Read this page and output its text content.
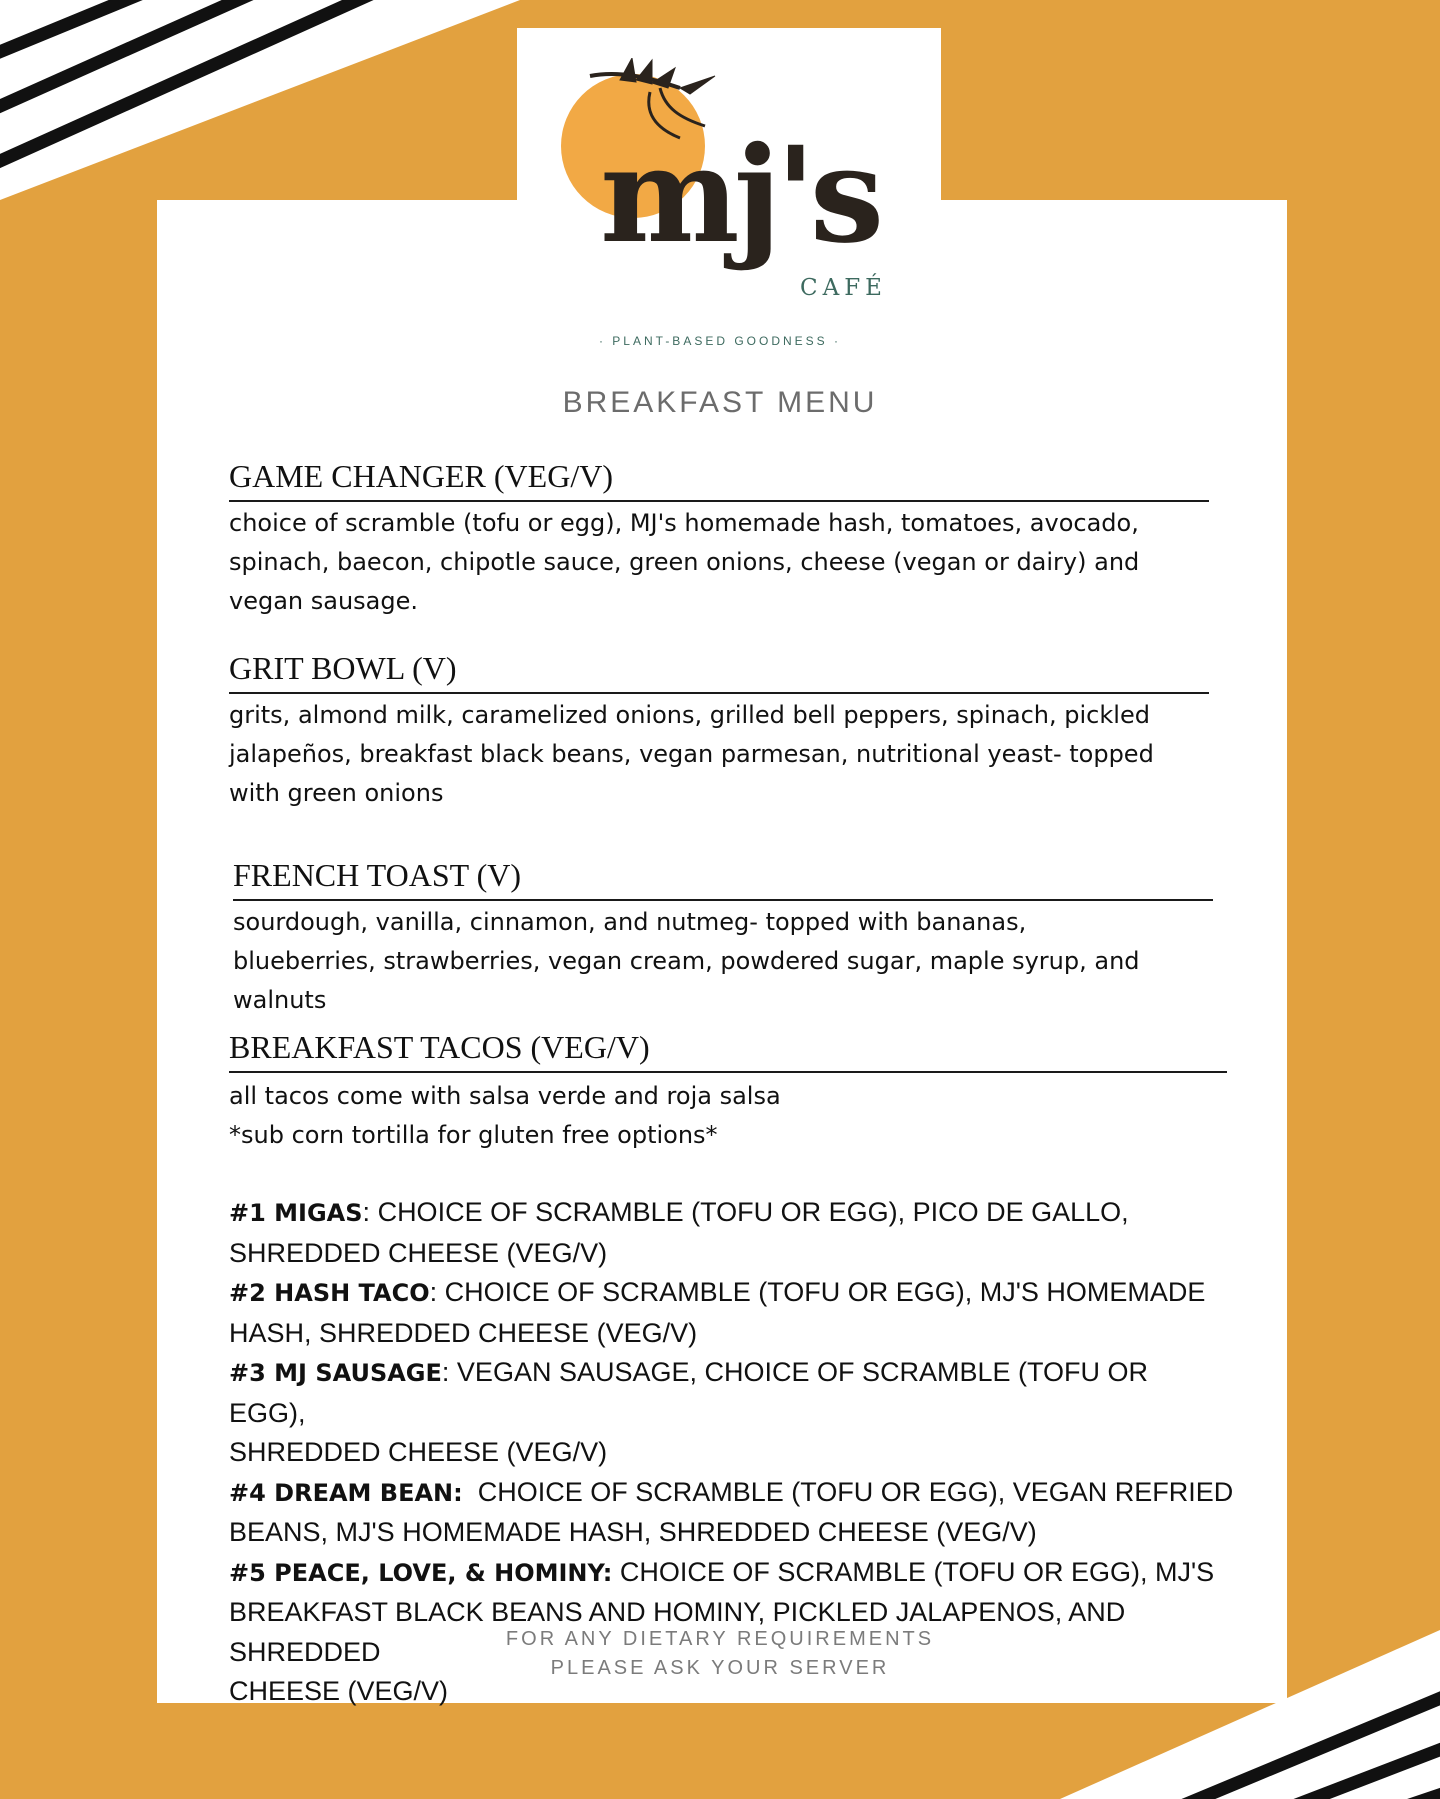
mj's
CAFÉ
· PLANT-BASED GOODNESS ·
BREAKFAST MENU
GAME CHANGER (VEG/V)

choice of scramble (tofu or egg), MJ's homemade hash, tomatoes, avocado,

spinach, baecon, chipotle sauce, green onions, cheese (vegan or dairy) and

vegan sausage.

GRIT BOWL (V)

grits, almond milk, caramelized onions, grilled bell peppers, spinach, pickled

jalapeños, breakfast black beans, vegan parmesan, nutritional yeast- topped

with green onions

FRENCH TOAST (V)

sourdough, vanilla, cinnamon, and nutmeg- topped with bananas,

blueberries, strawberries, vegan cream, powdered sugar, maple syrup, and

walnuts

BREAKFAST TACOS (VEG/V)

all tacos come with salsa verde and roja salsa

*sub corn tortilla for gluten free options*

#1 MIGAS: CHOICE OF SCRAMBLE (TOFU OR EGG), PICO DE GALLO,

SHREDDED CHEESE (VEG/V)

#2 HASH TACO: CHOICE OF SCRAMBLE (TOFU OR EGG), MJ'S HOMEMADE

HASH, SHREDDED CHEESE (VEG/V)

#3 MJ SAUSAGE: VEGAN SAUSAGE, CHOICE OF SCRAMBLE (TOFU OR EGG),

SHREDDED CHEESE (VEG/V)

#4 DREAM BEAN:  CHOICE OF SCRAMBLE (TOFU OR EGG), VEGAN REFRIED

BEANS, MJ'S HOMEMADE HASH, SHREDDED CHEESE (VEG/V)

#5 PEACE, LOVE, & HOMINY: CHOICE OF SCRAMBLE (TOFU OR EGG), MJ'S

BREAKFAST BLACK BEANS AND HOMINY, PICKLED JALAPENOS, AND SHREDDED

CHEESE (VEG/V)

FOR ANY DIETARY REQUIREMENTS
PLEASE ASK YOUR SERVER
